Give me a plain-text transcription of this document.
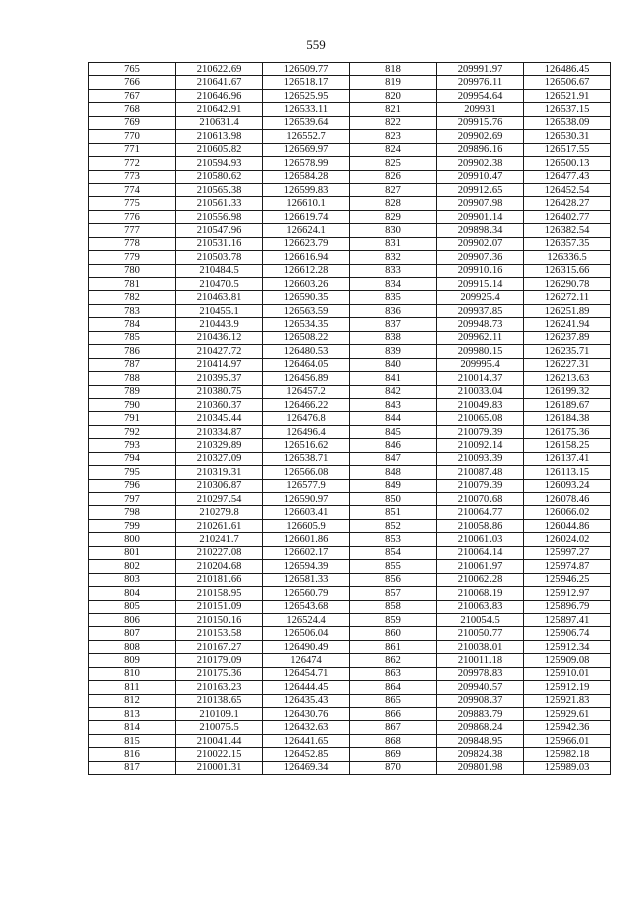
559
765	210622.69	126509.77	818	209991.97	126486.45
766	210641.67	126518.17	819	209976.11	126506.67
767	210646.96	126525.95	820	209954.64	126521.91
768	210642.91	126533.11	821	209931	126537.15
769	210631.4	126539.64	822	209915.76	126538.09
770	210613.98	126552.7	823	209902.69	126530.31
771	210605.82	126569.97	824	209896.16	126517.55
772	210594.93	126578.99	825	209902.38	126500.13
773	210580.62	126584.28	826	209910.47	126477.43
774	210565.38	126599.83	827	209912.65	126452.54
775	210561.33	126610.1	828	209907.98	126428.27
776	210556.98	126619.74	829	209901.14	126402.77
777	210547.96	126624.1	830	209898.34	126382.54
778	210531.16	126623.79	831	209902.07	126357.35
779	210503.78	126616.94	832	209907.36	126336.5
780	210484.5	126612.28	833	209910.16	126315.66
781	210470.5	126603.26	834	209915.14	126290.78
782	210463.81	126590.35	835	209925.4	126272.11
783	210455.1	126563.59	836	209937.85	126251.89
784	210443.9	126534.35	837	209948.73	126241.94
785	210436.12	126508.22	838	209962.11	126237.89
786	210427.72	126480.53	839	209980.15	126235.71
787	210414.97	126464.05	840	209995.4	126227.31
788	210395.37	126456.89	841	210014.37	126213.63
789	210380.75	126457.2	842	210033.04	126199.32
790	210360.37	126466.22	843	210049.83	126189.67
791	210345.44	126476.8	844	210065.08	126184.38
792	210334.87	126496.4	845	210079.39	126175.36
793	210329.89	126516.62	846	210092.14	126158.25
794	210327.09	126538.71	847	210093.39	126137.41
795	210319.31	126566.08	848	210087.48	126113.15
796	210306.87	126577.9	849	210079.39	126093.24
797	210297.54	126590.97	850	210070.68	126078.46
798	210279.8	126603.41	851	210064.77	126066.02
799	210261.61	126605.9	852	210058.86	126044.86
800	210241.7	126601.86	853	210061.03	126024.02
801	210227.08	126602.17	854	210064.14	125997.27
802	210204.68	126594.39	855	210061.97	125974.87
803	210181.66	126581.33	856	210062.28	125946.25
804	210158.95	126560.79	857	210068.19	125912.97
805	210151.09	126543.68	858	210063.83	125896.79
806	210150.16	126524.4	859	210054.5	125897.41
807	210153.58	126506.04	860	210050.77	125906.74
808	210167.27	126490.49	861	210038.01	125912.34
809	210179.09	126474	862	210011.18	125909.08
810	210175.36	126454.71	863	209978.83	125910.01
811	210163.23	126444.45	864	209940.57	125912.19
812	210138.65	126435.43	865	209908.37	125921.83
813	210109.1	126430.76	866	209883.79	125929.61
814	210075.5	126432.63	867	209868.24	125942.36
815	210041.44	126441.65	868	209848.95	125966.01
816	210022.15	126452.85	869	209824.38	125982.18
817	210001.31	126469.34	870	209801.98	125989.03
